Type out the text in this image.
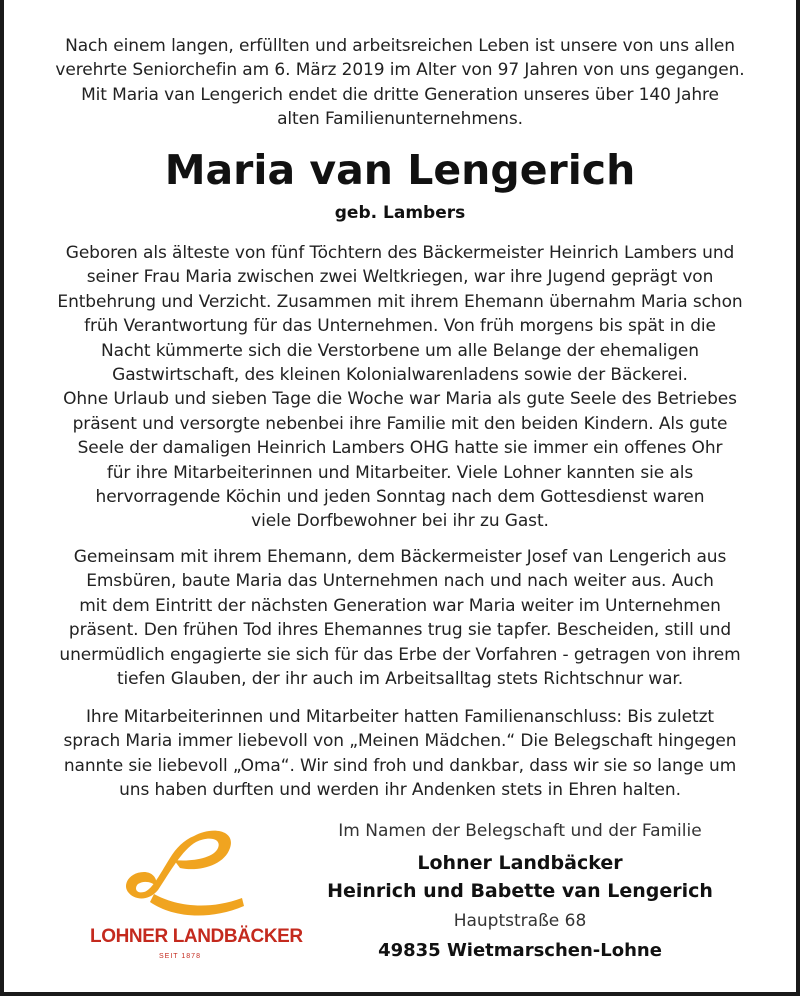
Nach einem langen, erfüllten und arbeitsreichen Leben ist unsere von uns allen
verehrte Seniorchefin am 6. März 2019 im Alter von 97 Jahren von uns gegangen.
Mit Maria van Lengerich endet die dritte Generation unseres über 140 Jahre
alten Familienunternehmens.
Maria van Lengerich
geb. Lambers
Geboren als älteste von fünf Töchtern des Bäckermeister Heinrich Lambers und
seiner Frau Maria zwischen zwei Weltkriegen, war ihre Jugend geprägt von
Entbehrung und Verzicht. Zusammen mit ihrem Ehemann übernahm Maria schon
früh Verantwortung für das Unternehmen. Von früh morgens bis spät in die
Nacht kümmerte sich die Verstorbene um alle Belange der ehemaligen
Gastwirtschaft, des kleinen Kolonialwarenladens sowie der Bäckerei.
Ohne Urlaub und sieben Tage die Woche war Maria als gute Seele des Betriebes
präsent und versorgte nebenbei ihre Familie mit den beiden Kindern. Als gute
Seele der damaligen Heinrich Lambers OHG hatte sie immer ein offenes Ohr
für ihre Mitarbeiterinnen und Mitarbeiter. Viele Lohner kannten sie als
hervorragende Köchin und jeden Sonntag nach dem Gottesdienst waren
viele Dorfbewohner bei ihr zu Gast.
Gemeinsam mit ihrem Ehemann, dem Bäckermeister Josef van Lengerich aus
Emsbüren, baute Maria das Unternehmen nach und nach weiter aus. Auch
mit dem Eintritt der nächsten Generation war Maria weiter im Unternehmen
präsent. Den frühen Tod ihres Ehemannes trug sie tapfer. Bescheiden, still und
unermüdlich engagierte sie sich für das Erbe der Vorfahren - getragen von ihrem
tiefen Glauben, der ihr auch im Arbeitsalltag stets Richtschnur war.
Ihre Mitarbeiterinnen und Mitarbeiter hatten Familienanschluss: Bis zuletzt
sprach Maria immer liebevoll von „Meinen Mädchen.“ Die Belegschaft hingegen
nannte sie liebevoll „Oma“. Wir sind froh und dankbar, dass wir sie so lange um
uns haben durften und werden ihr Andenken stets in Ehren halten.
LOHNER LANDBÄCKER
SEIT 1878
Im Namen der Belegschaft und der Familie
Lohner Landbäcker
Heinrich und Babette van Lengerich
Hauptstraße 68
49835 Wietmarschen-Lohne
